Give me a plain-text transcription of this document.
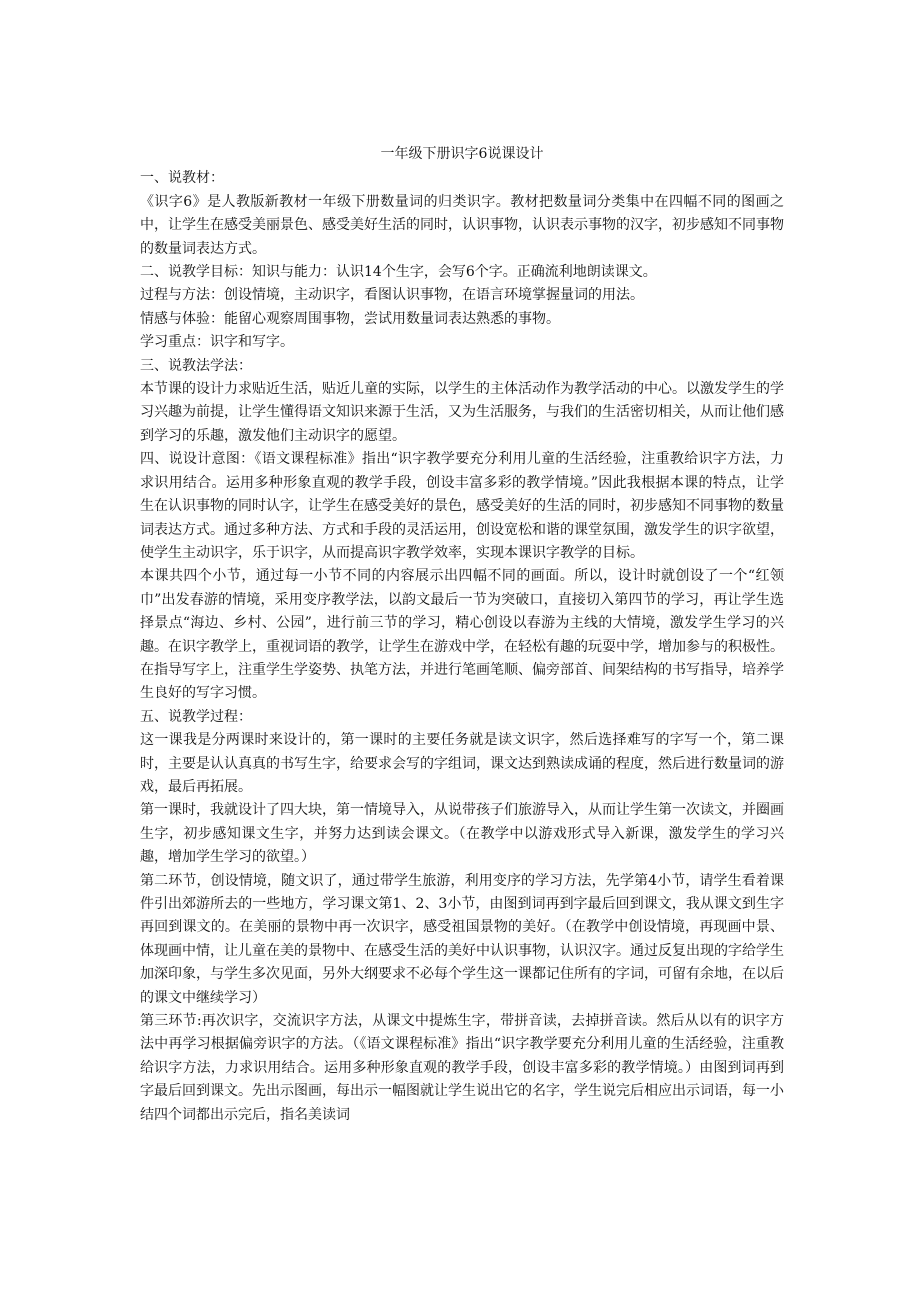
一年级下册识字6说课设计

一、说教材：

《识字6》是人教版新教材一年级下册数量词的归类识字。教材把数量词分类集中在四幅不同的图画之中，让学生在感受美丽景色、感受美好生活的同时，认识事物，认识表示事物的汉字，初步感知不同事物的数量词表达方式。

二、说教学目标：知识与能力：认识14个生字，会写6个字。正确流利地朗读课文。

过程与方法：创设情境，主动识字，看图认识事物，在语言环境掌握量词的用法。

情感与体验：能留心观察周围事物，尝试用数量词表达熟悉的事物。

学习重点：识字和写字。

三、说教法学法：

本节课的设计力求贴近生活，贴近儿童的实际，以学生的主体活动作为教学活动的中心。以激发学生的学习兴趣为前提，让学生懂得语文知识来源于生活，又为生活服务，与我们的生活密切相关，从而让他们感到学习的乐趣，激发他们主动识字的愿望。

四、说设计意图：《语文课程标准》指出“识字教学要充分利用儿童的生活经验，注重教给识字方法，力求识用结合。运用多种形象直观的教学手段，创设丰富多彩的教学情境。”因此我根据本课的特点，让学生在认识事物的同时认字，让学生在感受美好的景色，感受美好的生活的同时，初步感知不同事物的数量词表达方式。通过多种方法、方式和手段的灵活运用，创设宽松和谐的课堂氛围，激发学生的识字欲望，使学生主动识字，乐于识字，从而提高识字教学效率，实现本课识字教学的目标。

本课共四个小节，通过每一小节不同的内容展示出四幅不同的画面。所以，设计时就创设了一个“红领巾”出发春游的情境，采用变序教学法，以韵文最后一节为突破口，直接切入第四节的学习，再让学生选择景点“海边、乡村、公园”，进行前三节的学习，精心创设以春游为主线的大情境，激发学生学习的兴趣。在识字教学上，重视词语的教学，让学生在游戏中学，在轻松有趣的玩耍中学，增加参与的积极性。在指导写字上，注重学生学姿势、执笔方法，并进行笔画笔顺、偏旁部首、间架结构的书写指导，培养学生良好的写字习惯。

五、说教学过程：

这一课我是分两课时来设计的，第一课时的主要任务就是读文识字，然后选择难写的字写一个，第二课时，主要是认认真真的书写生字，给要求会写的字组词，课文达到熟读成诵的程度，然后进行数量词的游戏，最后再拓展。

第一课时，我就设计了四大块，第一情境导入，从说带孩子们旅游导入，从而让学生第一次读文，并圈画生字，初步感知课文生字，并努力达到读会课文。（在教学中以游戏形式导入新课，激发学生的学习兴趣，增加学生学习的欲望。）

第二环节，创设情境，随文识了，通过带学生旅游，利用变序的学习方法，先学第4小节，请学生看着课件引出郊游所去的一些地方，学习课文第1、2、3小节，由图到词再到字最后回到课文，我从课文到生字再回到课文的。在美丽的景物中再一次识字，感受祖国景物的美好。（在教学中创设情境，再现画中景、体现画中情，让儿童在美的景物中、在感受生活的美好中认识事物，认识汉字。通过反复出现的字给学生加深印象，与学生多次见面，另外大纲要求不必每个学生这一课都记住所有的字词，可留有余地，在以后的课文中继续学习）

第三环节:再次识字，交流识字方法，从课文中提炼生字，带拼音读，去掉拼音读。然后从以有的识字方法中再学习根据偏旁识字的方法。（《语文课程标准》指出“识字教学要充分利用儿童的生活经验，注重教给识字方法，力求识用结合。运用多种形象直观的教学手段，创设丰富多彩的教学情境。）由图到词再到字最后回到课文。先出示图画，每出示一幅图就让学生说出它的名字，学生说完后相应出示词语，每一小结四个词都出示完后，指名美读词
